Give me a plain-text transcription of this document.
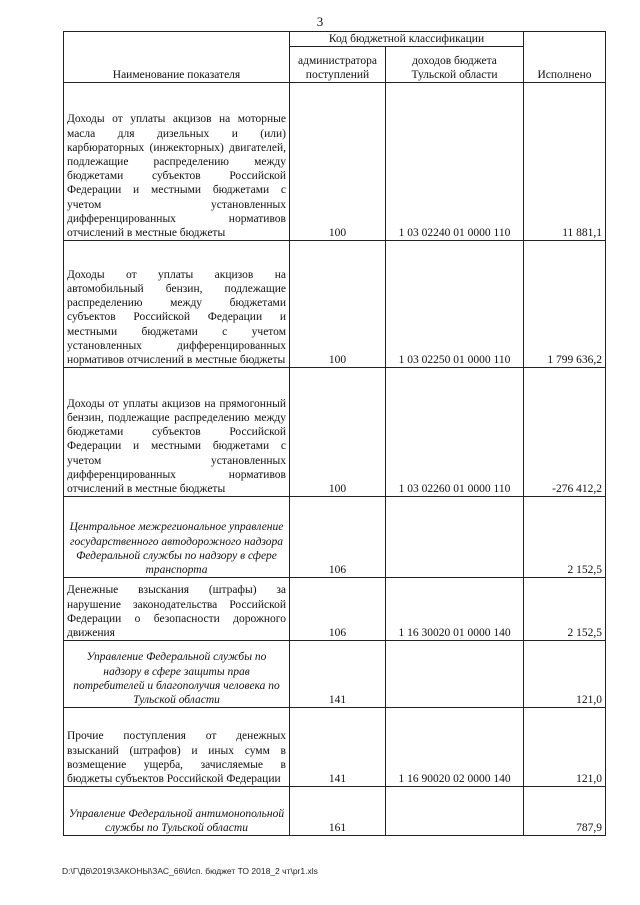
3
Наименование показателя	Код бюджетной классификации		Исполнено
	администратора поступлений	доходов бюджета Тульской области	
Доходы от уплаты акцизов на моторные масла для дизельных и (или) карбюраторных (инжекторных) двигателей, подлежащие распределению между бюджетами субъектов Российской Федерации и местными бюджетами с учетом установленных дифференцированных нормативов отчислений в местные бюджеты	100	1 03 02240 01 0000 110	11 881,1
Доходы от уплаты акцизов на автомобильный бензин, подлежащие распределению между бюджетами субъектов Российской Федерации и местными бюджетами с учетом установленных дифференцированных нормативов отчислений в местные бюджеты	100	1 03 02250 01 0000 110	1 799 636,2
Доходы от уплаты акцизов на прямогонный бензин, подлежащие распределению между бюджетами субъектов Российской Федерации и местными бюджетами с учетом установленных дифференцированных нормативов отчислений в местные бюджеты	100	1 03 02260 01 0000 110	-276 412,2
Центральное межрегиональное управление государственного автодорожного надзора Федеральной службы по надзору в сфере транспорта	106		2 152,5
Денежные взыскания (штрафы) за нарушение законодательства Российской Федерации о безопасности дорожного движения	106	1 16 30020 01 0000 140	2 152,5
Управление Федеральной службы по надзору в сфере защиты прав потребителей и благополучия человека по Тульской области	141		121,0
Прочие поступления от денежных взысканий (штрафов) и иных сумм в возмещение ущерба, зачисляемые в бюджеты субъектов Российской Федерации	141	1 16 90020 02 0000 140	121,0
Управление Федеральной антимонопольной службы по Тульской области	161		787,9
D:\Г\Д6\2019\ЗАКОНЫ\ЗАС_66\Исп. бюджет ТО 2018_2 чт\pr1.xls
